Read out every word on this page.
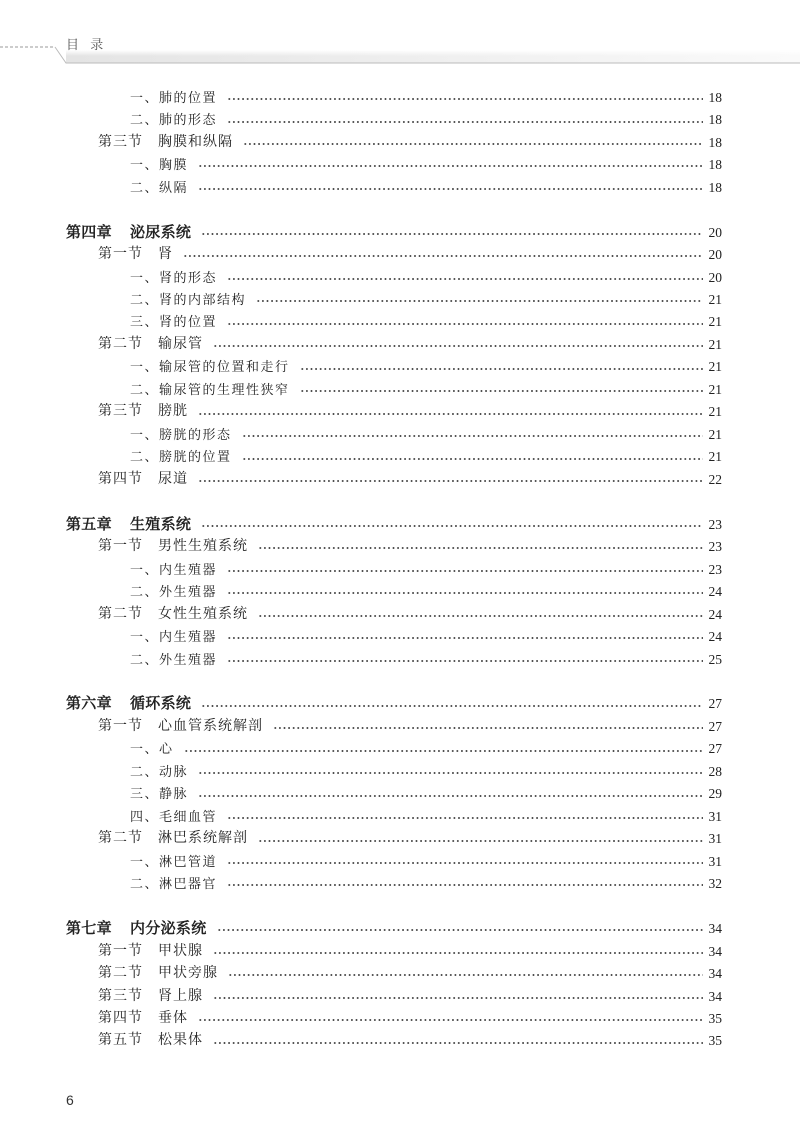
目 录
一、肺的位置	18
二、肺的形态	18
第三节	胸膜和纵隔	18
一、胸膜	18
二、纵隔	18
第四章	泌尿系统	20
第一节	肾	20
一、肾的形态	20
二、肾的内部结构	21
三、肾的位置	21
第二节	输尿管	21
一、输尿管的位置和走行	21
二、输尿管的生理性狭窄	21
第三节	膀胱	21
一、膀胱的形态	21
二、膀胱的位置	21
第四节	尿道	22
第五章	生殖系统	23
第一节	男性生殖系统	23
一、内生殖器	23
二、外生殖器	24
第二节	女性生殖系统	24
一、内生殖器	24
二、外生殖器	25
第六章	循环系统	27
第一节	心血管系统解剖	27
一、心	27
二、动脉	28
三、静脉	29
四、毛细血管	31
第二节	淋巴系统解剖	31
一、淋巴管道	31
二、淋巴器官	32
第七章	内分泌系统	34
第一节	甲状腺	34
第二节	甲状旁腺	34
第三节	肾上腺	34
第四节	垂体	35
第五节	松果体	35
6
